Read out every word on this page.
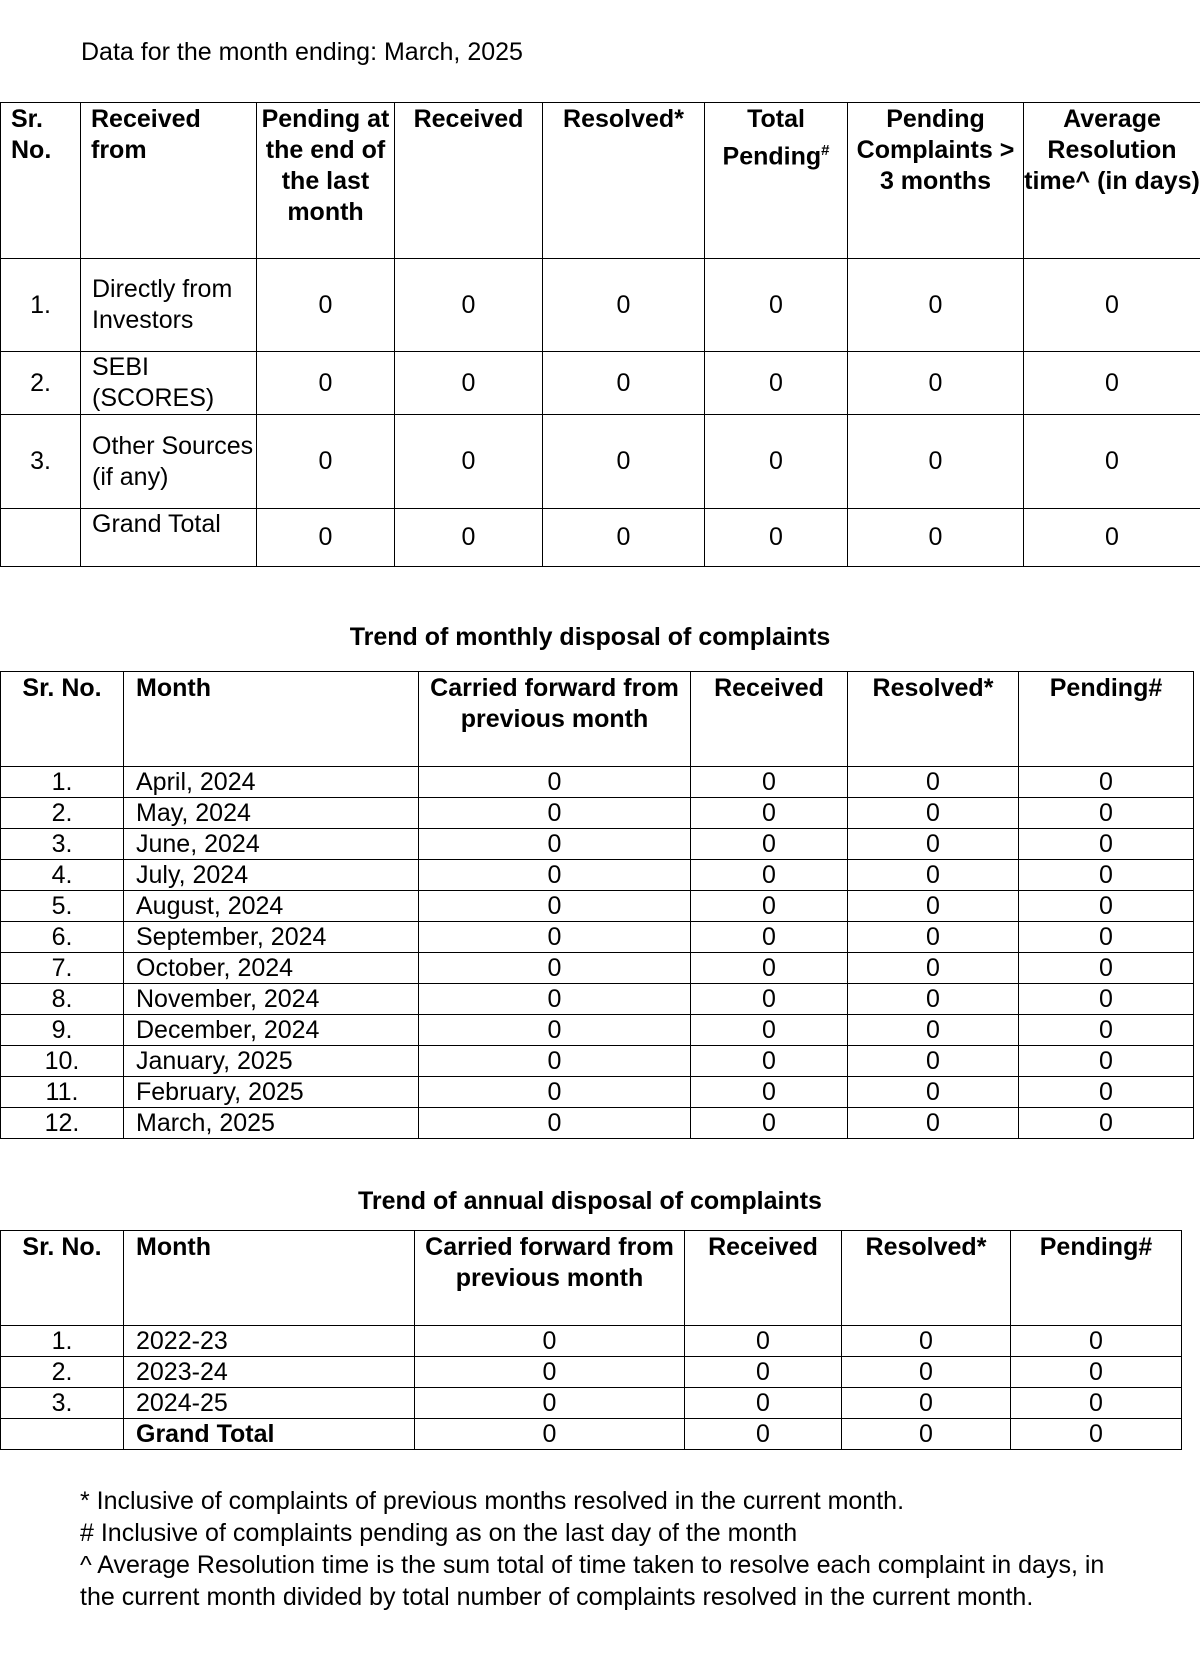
Data for the month ending: March, 2025
Sr. No.	Received from	Pending at the end of the last month	Received	Resolved*	Total Pending#	Pending Complaints > 3 months	Average Resolution time^ (in days)
1.	Directly from Investors	0	0	0	0	0	0
2.	SEBI (SCORES)	0	0	0	0	0	0
3.	Other Sources (if any)	0	0	0	0	0	0
	Grand Total	0	0	0	0	0	0
Trend of monthly disposal of complaints
Sr. No.	Month	Carried forward from previous month	Received	Resolved*	Pending#
1.	April, 2024	0	0	0	0
2.	May, 2024	0	0	0	0
3.	June, 2024	0	0	0	0
4.	July, 2024	0	0	0	0
5.	August, 2024	0	0	0	0
6.	September, 2024	0	0	0	0
7.	October, 2024	0	0	0	0
8.	November, 2024	0	0	0	0
9.	December, 2024	0	0	0	0
10.	January, 2025	0	0	0	0
11.	February, 2025	0	0	0	0
12.	March, 2025	0	0	0	0
Trend of annual disposal of complaints
Sr. No.	Month	Carried forward from previous month	Received	Resolved*	Pending#
1.	2022-23	0	0	0	0
2.	2023-24	0	0	0	0
3.	2024-25	0	0	0	0
	Grand Total	0	0	0	0
* Inclusive of complaints of previous months resolved in the current month.
# Inclusive of complaints pending as on the last day of the month
^ Average Resolution time is the sum total of time taken to resolve each complaint in days, in the current month divided by total number of complaints resolved in the current month.
